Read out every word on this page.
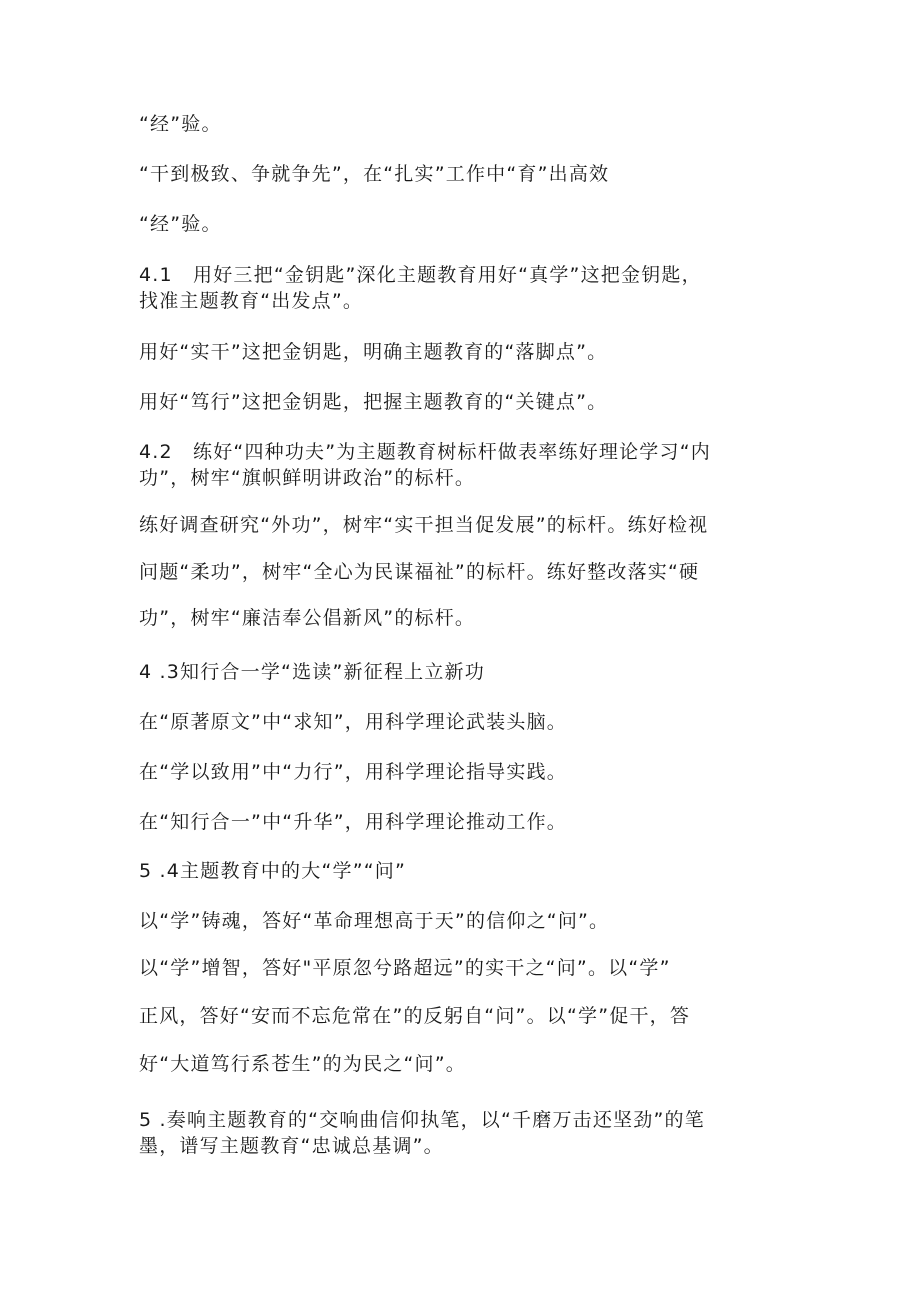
“经”验。
“干到极致、争就争先”，在“扎实”工作中“育”出高效
“经”验。
4.1　用好三把“金钥匙”深化主题教育用好“真学”这把金钥匙，
找准主题教育“出发点”。
用好“实干”这把金钥匙，明确主题教育的“落脚点”。
用好“笃行”这把金钥匙，把握主题教育的“关键点”。
4.2　练好“四种功夫”为主题教育树标杆做表率练好理论学习“内
功”，树牢“旗帜鲜明讲政治”的标杆。
练好调查研究“外功”，树牢“实干担当促发展”的标杆。练好检视
问题“柔功”，树牢“全心为民谋福祉”的标杆。练好整改落实“硬
功”，树牢“廉洁奉公倡新风”的标杆。
4 .3知行合一学“选读”新征程上立新功
在“原著原文”中“求知”，用科学理论武装头脑。
在“学以致用”中“力行”，用科学理论指导实践。
在“知行合一”中“升华”，用科学理论推动工作。
5 .4主题教育中的大“学”“问”
以“学”铸魂，答好“革命理想高于天”的信仰之“问”。
以“学”增智，答好"平原忽兮路超远”的实干之“问”。以“学”
正风，答好“安而不忘危常在”的反躬自“问”。以“学”促干，答
好“大道笃行系苍生”的为民之“问”。
5 .奏响主题教育的“交响曲信仰执笔，以“千磨万击还坚劲”的笔
墨，谱写主题教育“忠诚总基调”。
